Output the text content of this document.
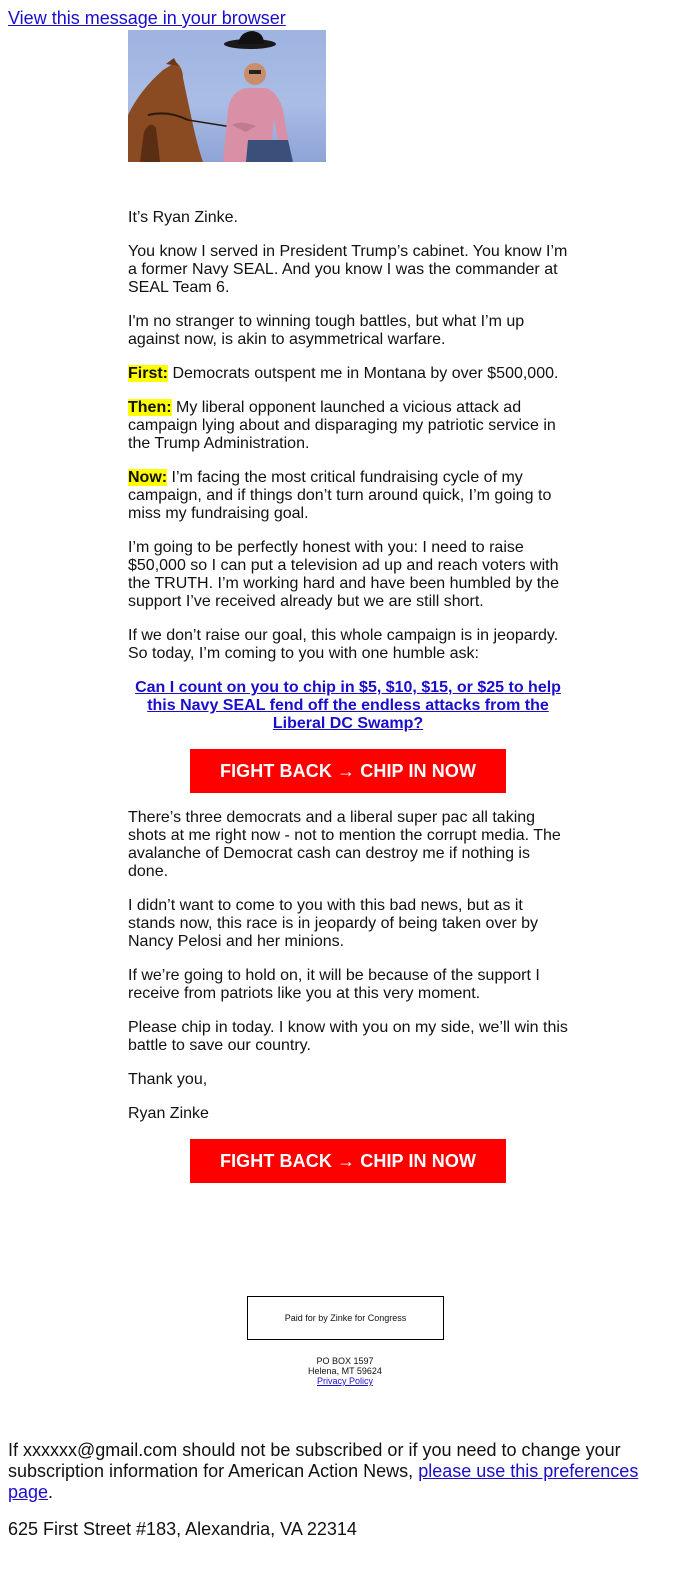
View this message in your browser

It’s Ryan Zinke.

You know I served in President Trump’s cabinet. You know I’m a former Navy SEAL. And you know I was the commander at SEAL Team 6.

I'm no stranger to winning tough battles, but what I’m up against now, is akin to asymmetrical warfare.

First: Democrats outspent me in Montana by over $500,000.

Then: My liberal opponent launched a vicious attack ad campaign lying about and disparaging my patriotic service in the Trump Administration.

Now: I’m facing the most critical fundraising cycle of my campaign, and if things don’t turn around quick, I’m going to miss my fundraising goal.

I’m going to be perfectly honest with you: I need to raise $50,000 so I can put a television ad up and reach voters with the TRUTH. I’m working hard and have been humbled by the support I’ve received already but we are still short.

If we don’t raise our goal, this whole campaign is in jeopardy. So today, I’m coming to you with one humble ask:

Can I count on you to chip in $5, $10, $15, or $25 to help this Navy SEAL fend off the endless attacks from the Liberal DC Swamp?

FIGHT BACK → CHIP IN NOW

There’s three democrats and a liberal super pac all taking shots at me right now - not to mention the corrupt media. The avalanche of Democrat cash can destroy me if nothing is done.

I didn’t want to come to you with this bad news, but as it stands now, this race is in jeopardy of being taken over by Nancy Pelosi and her minions.

If we’re going to hold on, it will be because of the support I receive from patriots like you at this very moment.

Please chip in today. I know with you on my side, we’ll win this battle to save our country.

Thank you,

Ryan Zinke

FIGHT BACK → CHIP IN NOW
Paid for by Zinke for Congress
PO BOX 1597
Helena, MT 59624
Privacy Policy

If xxxxxx@gmail.com should not be subscribed or if you need to change your subscription information for American Action News, please use this preferences page.

625 First Street #183, Alexandria, VA 22314
